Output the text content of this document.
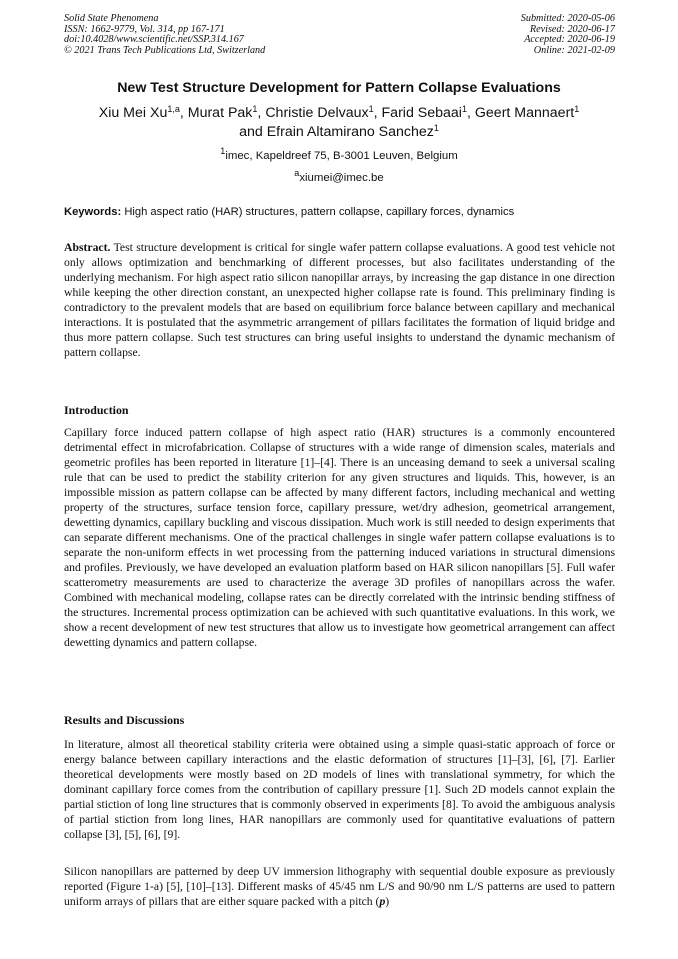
Solid State Phenomena
ISSN: 1662-9779, Vol. 314, pp 167-171
doi:10.4028/www.scientific.net/SSP.314.167
© 2021 Trans Tech Publications Ltd, Switzerland
Submitted: 2020-05-06
Revised: 2020-06-17
Accepted: 2020-06-19
Online: 2021-02-09
New Test Structure Development for Pattern Collapse Evaluations
Xiu Mei Xu$^{1,a}$, Murat Pak$^1$, Christie Delvaux$^1$, Farid Sebaai$^1$, Geert Mannaert$^1$
and Efrain Altamirano Sanchez$^1$
$^1$imec, Kapeldreef 75, B-3001 Leuven, Belgium
$^a$xiumei@imec.be
Keywords: High aspect ratio (HAR) structures, pattern collapse, capillary forces, dynamics

Abstract. Test structure development is critical for single wafer pattern collapse evaluations. A good test vehicle not only allows optimization and benchmarking of different processes, but also facilitates understanding of the underlying mechanism. For high aspect ratio silicon nanopillar arrays, by increasing the gap distance in one direction while keeping the other direction constant, an unexpected higher collapse rate is found. This preliminary finding is contradictory to the prevalent models that are based on equilibrium force balance between capillary and mechanical interactions. It is postulated that the asymmetric arrangement of pillars facilitates the formation of liquid bridge and thus more pattern collapse. Such test structures can bring useful insights to understand the dynamic mechanism of pattern collapse.

Introduction

Capillary force induced pattern collapse of high aspect ratio (HAR) structures is a commonly encountered detrimental effect in microfabrication. Collapse of structures with a wide range of dimension scales, materials and geometric profiles has been reported in literature [1]–[4]. There is an unceasing demand to seek a universal scaling rule that can be used to predict the stability criterion for any given structures and liquids. This, however, is an impossible mission as pattern collapse can be affected by many different factors, including mechanical and wetting property of the structures, surface tension force, capillary pressure, wet/dry adhesion, geometrical arrangement, dewetting dynamics, capillary buckling and viscous dissipation. Much work is still needed to design experiments that can separate different mechanisms. One of the practical challenges in single wafer pattern collapse evaluations is to separate the non-uniform effects in wet processing from the patterning induced variations in structural dimensions and profiles. Previously, we have developed an evaluation platform based on HAR silicon nanopillars [5]. Full wafer scatterometry measurements are used to characterize the average 3D profiles of nanopillars across the wafer. Combined with mechanical modeling, collapse rates can be directly correlated with the intrinsic bending stiffness of the structures. Incremental process optimization can be achieved with such quantitative evaluations. In this work, we show a recent development of new test structures that allow us to investigate how geometrical arrangement can affect dewetting dynamics and pattern collapse.

Results and Discussions

In literature, almost all theoretical stability criteria were obtained using a simple quasi-static approach of force or energy balance between capillary interactions and the elastic deformation of structures [1]–[3], [6], [7]. Earlier theoretical developments were mostly based on 2D models of lines with translational symmetry, for which the dominant capillary force comes from the contribution of capillary pressure [1]. Such 2D models cannot explain the partial stiction of long line structures that is commonly observed in experiments [8]. To avoid the ambiguous analysis of partial stiction from long lines, HAR nanopillars are commonly used for quantitative evaluations of pattern collapse [3], [5], [6], [9].

Silicon nanopillars are patterned by deep UV immersion lithography with sequential double exposure as previously reported (Figure 1-a) [5], [10]–[13]. Different masks of 45/45 nm L/S and 90/90 nm L/S patterns are used to pattern uniform arrays of pillars that are either square packed with a pitch (p)
